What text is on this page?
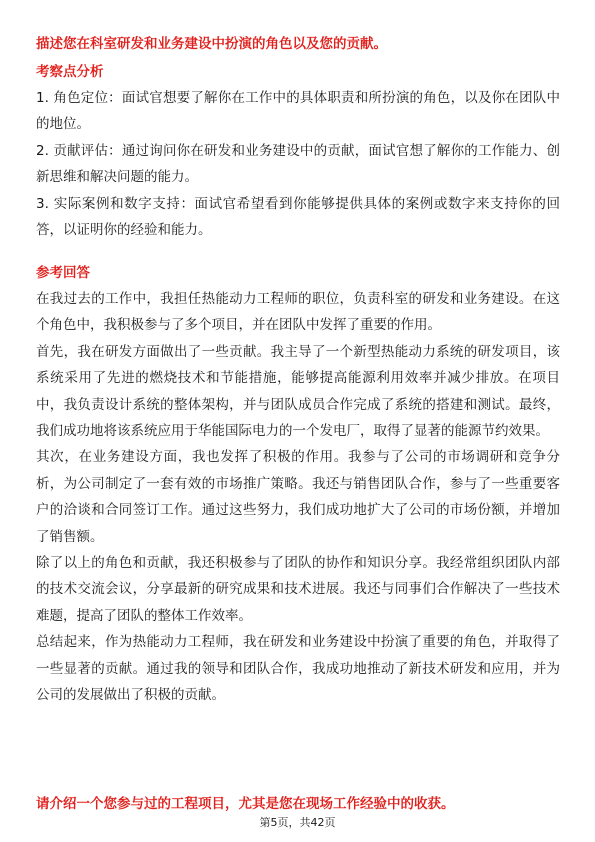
描述您在科室研发和业务建设中扮演的角色以及您的贡献。
考察点分析

1. 角色定位：面试官想要了解你在工作中的具体职责和所扮演的角色，以及你在团队中的地位。

2. 贡献评估：通过询问你在研发和业务建设中的贡献，面试官想了解你的工作能力、创新思维和解决问题的能力。

3. 实际案例和数字支持：面试官希望看到你能够提供具体的案例或数字来支持你的回答，以证明你的经验和能力。

参考回答

在我过去的工作中，我担任热能动力工程师的职位，负责科室的研发和业务建设。在这个角色中，我积极参与了多个项目，并在团队中发挥了重要的作用。

首先，我在研发方面做出了一些贡献。我主导了一个新型热能动力系统的研发项目，该系统采用了先进的燃烧技术和节能措施，能够提高能源利用效率并减少排放。在项目中，我负责设计系统的整体架构，并与团队成员合作完成了系统的搭建和测试。最终，我们成功地将该系统应用于华能国际电力的一个发电厂，取得了显著的能源节约效果。

其次，在业务建设方面，我也发挥了积极的作用。我参与了公司的市场调研和竞争分析，为公司制定了一套有效的市场推广策略。我还与销售团队合作，参与了一些重要客户的洽谈和合同签订工作。通过这些努力，我们成功地扩大了公司的市场份额，并增加了销售额。

除了以上的角色和贡献，我还积极参与了团队的协作和知识分享。我经常组织团队内部的技术交流会议，分享最新的研究成果和技术进展。我还与同事们合作解决了一些技术难题，提高了团队的整体工作效率。

总结起来，作为热能动力工程师，我在研发和业务建设中扮演了重要的角色，并取得了一些显著的贡献。通过我的领导和团队合作，我成功地推动了新技术研发和应用，并为公司的发展做出了积极的贡献。

请介绍一个您参与过的工程项目，尤其是您在现场工作经验中的收获。
第5页，共42页
